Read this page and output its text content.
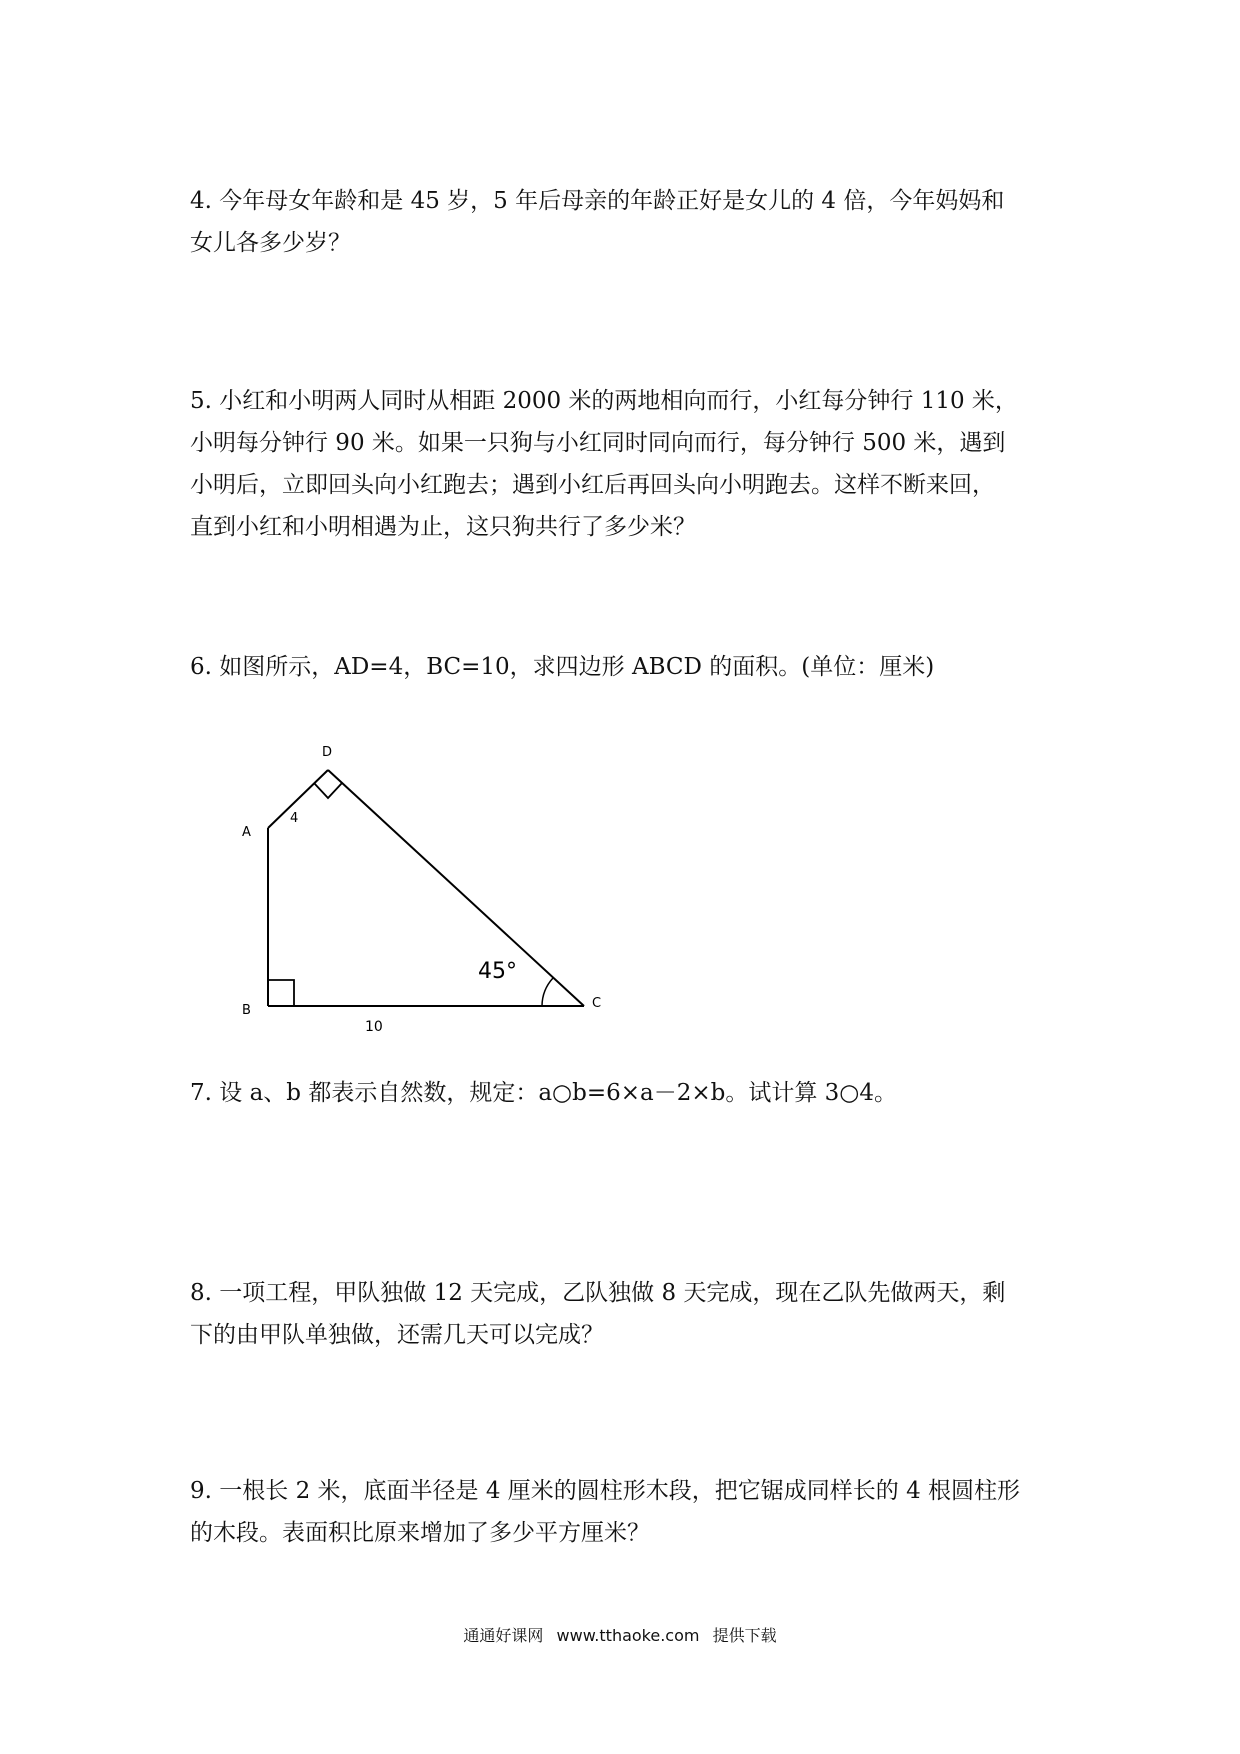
4. 今年母女年龄和是 45 岁，5 年后母亲的年龄正好是女儿的 4 倍，今年妈妈和

女儿各多少岁？

5. 小红和小明两人同时从相距 2000 米的两地相向而行，小红每分钟行 110 米，

小明每分钟行 90 米。如果一只狗与小红同时同向而行，每分钟行 500 米，遇到

小明后，立即回头向小红跑去；遇到小红后再回头向小明跑去。这样不断来回，

直到小红和小明相遇为止，这只狗共行了多少米？

6. 如图所示，AD=4，BC=10，求四边形 ABCD 的面积。(单位：厘米)

A
B	C
D
4
10
45°

7. 设 a、b 都表示自然数，规定：a○b=6×a－2×b。试计算 3○4。

8. 一项工程，甲队独做 12 天完成，乙队独做 8 天完成，现在乙队先做两天，剩

下的由甲队单独做，还需几天可以完成？

9. 一根长 2 米，底面半径是 4 厘米的圆柱形木段，把它锯成同样长的 4 根圆柱形

的木段。表面积比原来增加了多少平方厘米？

通通好课网 www.tthaoke.com 提供下载
